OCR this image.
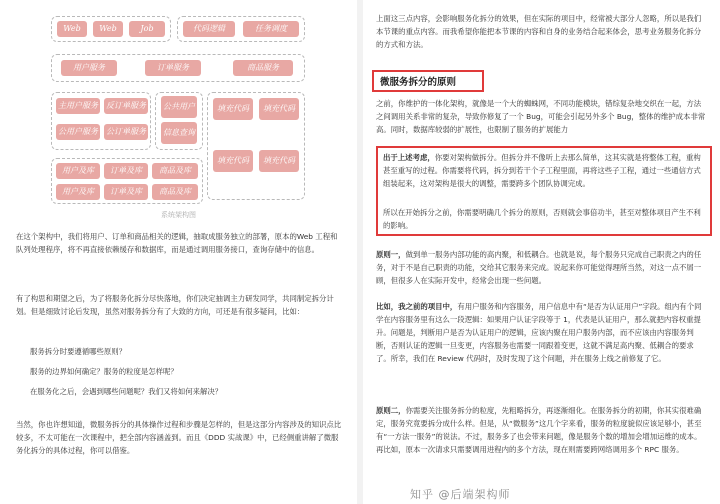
Web	Web	Job	代码逻辑	任务调度
用户服务	订单服务	商品服务
主用户服务 反订单服务
公用户服务 公订单服务
公共用户
信息查询
填充代码	填充代码
填充代码	填充代码
用户及库	订单及库	商品及库
用户及库	订单及库	商品及库
系统架构图
在这个架构中，我们将用户、订单和商品相关的逻辑，抽取成服务独立的部署，原本的Web 工程和队列处理程序，将不再直接依赖缓存和数据库，而是通过调用服务接口，查询存储中的信息。
有了构思和期望之后，为了将服务化拆分尽快落地，你们决定抽调主力研发同学，共同制定拆分计划。但是细致讨论后发现，虽然对服务拆分有了大致的方向，可还是有很多疑问，比如：
服务拆分时要遵循哪些原则？
服务的边界如何确定？服务的粒度是怎样呢？
在服务化之后，会遇到哪些问题呢？我们又将如何来解决？
当然，你也许想知道，微服务拆分的具体操作过程和步骤是怎样的，但是这部分内容涉及的知识点比较多，不太可能在一次课程中，把全部内容涵盖到。而且《DDD 实战课》中，已经侧重讲解了微服务化拆分的具体过程，你可以借鉴。
上面这三点内容，会影响服务化拆分的效果，但在实际的项目中，经常被大部分人忽略，所以是我们本节课的重点内容。而我希望你能把本节课的内容和自身的业务结合起来体会，思考业务服务化拆分的方式和方法。
微服务拆分的原则
之前，你维护的一体化架构，就像是一个大的蜘蛛网，不同功能模块，错综复杂地交织在一起，方法之间调用关系非常的复杂，导致你修复了一个 Bug，可能会引起另外多个 Bug，整体的维护成本非常高。同时，数据库较弱的扩展性，也限制了服务的扩展能力
出于上述考虑，你要对架构做拆分。但拆分并不像听上去那么简单，这其实就是将整体工程，重构甚至重写的过程。你需要将代码，拆分到若干个子工程里面，再将这些子工程，通过一些通信方式组装起来，这对架构是很大的调整，需要跨多个团队协调完成。
所以在开始拆分之前，你需要明确几个拆分的原则，否则就会事倍功半，甚至对整体项目产生不利的影响。
原则一，做到单一服务内部功能的高内聚，和低耦合。也就是说，每个服务只完成自己职责之内的任务，对于不是自己职责的功能，交给其它服务来完成。说起来你可能觉得理所当然，对这一点不屑一顾，但很多人在实际开发中，经常会出现一些问题。
比如，我之前的项目中，有用户服务和内容服务，用户信息中有“是否为认证用户”字段。组内有个同学在内容服务里有这么一段逻辑：如果用户认证字段等于 1，代表是认证用户，那么就把内容权重提升。问题是，判断用户是否为认证用户的逻辑，应该内聚在用户服务内部，而不应该由内容服务判断，否则认证的逻辑一旦变更，内容服务也需要一同跟着变更，这就不满足高内聚、低耦合的要求了。所幸，我们在 Review 代码时，及时发现了这个问题，并在服务上线之前修复了它。
原则二，你需要关注服务拆分的粒度，先粗略拆分，再逐渐细化。在服务拆分的初期，你其实很难确定，服务究竟要拆分成什么样。但是，从“微服务”这几个字来看，服务的粒度貌似应该足够小，甚至有“一方法一服务”的说法。不过，服务多了也会带来问题，像是服务个数的增加会增加运维的成本。再比如，原本一次请求只需要调用进程内的多个方法，现在则需要跨网络调用多个 RPC 服务。
知乎 @后端架构师
